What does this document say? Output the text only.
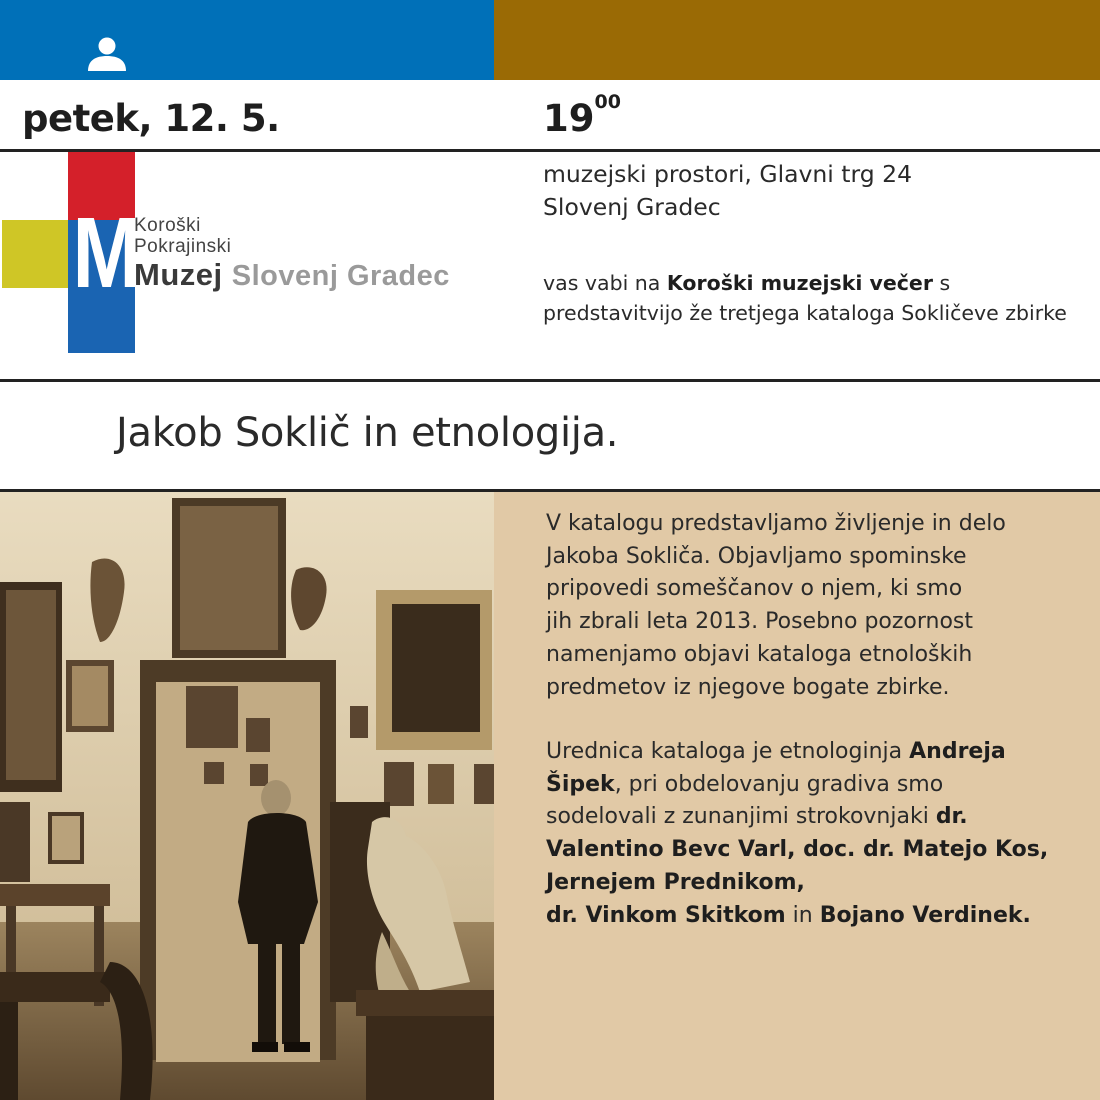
petek, 12. 5.	$19^{00}$
M
Koroški
Pokrajinski
Muzej Slovenj Gradec
muzejski prostori, Glavni trg 24
Slovenj Gradec
vas vabi na Koroški muzejski večer s
predstavitvijo že tretjega kataloga Sokličeve zbirke
Jakob Soklič in etnologija.
V katalogu predstavljamo življenje in delo
Jakoba Sokliča. Objavljamo spominske
pripovedi someščanov o njem, ki smo
jih zbrali leta 2013. Posebno pozornost
namenjamo objavi kataloga etnoloških
predmetov iz njegove bogate zbirke.
Urednica kataloga je etnologinja Andreja
Šipek, pri obdelovanju gradiva smo
sodelovali z zunanjimi strokovnjaki dr.
Valentino Bevc Varl, doc. dr. Matejo Kos,
Jernejem Prednikom,
dr. Vinkom Skitkom in Bojano Verdinek.
